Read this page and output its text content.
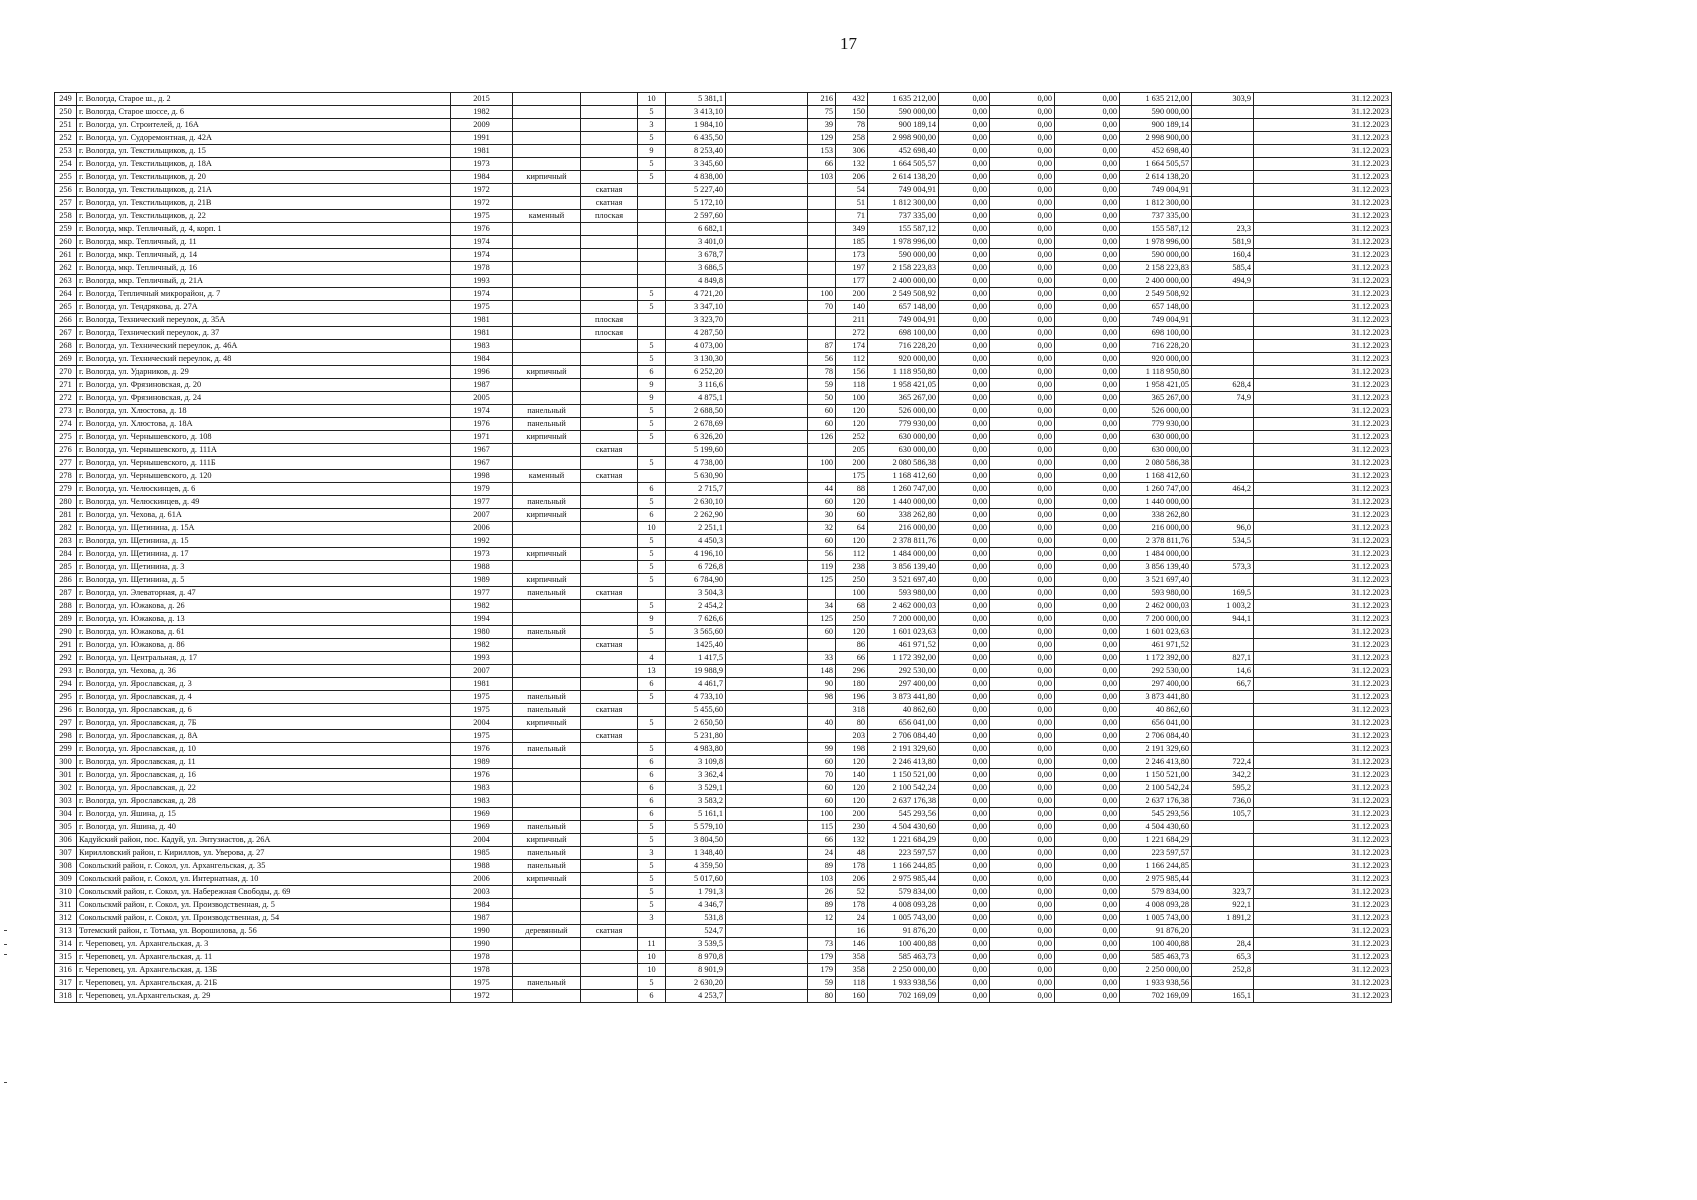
17
249	г. Вологда, Старое ш., д. 2	2015			10	5 381,1		216	432	1 635 212,00	0,00	0,00	0,00	1 635 212,00	303,9	31.12.2023
250	г. Вологда, Старое шоссе, д. 6	1982			5	3 413,10		75	150	590 000,00	0,00	0,00	0,00	590 000,00		31.12.2023
251	г. Вологда, ул. Строителей, д. 16А	2009			3	1 984,10		39	78	900 189,14	0,00	0,00	0,00	900 189,14		31.12.2023
252	г. Вологда, ул. Судоремонтная, д. 42А	1991			5	6 435,50		129	258	2 998 900,00	0,00	0,00	0,00	2 998 900,00		31.12.2023
253	г. Вологда, ул. Текстильщиков, д. 15	1981			9	8 253,40		153	306	452 698,40	0,00	0,00	0,00	452 698,40		31.12.2023
254	г. Вологда, ул. Текстильщиков, д. 18А	1973			5	3 345,60		66	132	1 664 505,57	0,00	0,00	0,00	1 664 505,57		31.12.2023
255	г. Вологда, ул. Текстильщиков, д. 20	1984	кирпичный		5	4 838,00		103	206	2 614 138,20	0,00	0,00	0,00	2 614 138,20		31.12.2023
256	г. Вологда, ул. Текстильщиков, д. 21А	1972		скатная		5 227,40			54	749 004,91	0,00	0,00	0,00	749 004,91		31.12.2023
257	г. Вологда, ул. Текстильщиков, д. 21В	1972		скатная		5 172,10			51	1 812 300,00	0,00	0,00	0,00	1 812 300,00		31.12.2023
258	г. Вологда, ул. Текстильщиков, д. 22	1975	каменный	плоская		2 597,60			71	737 335,00	0,00	0,00	0,00	737 335,00		31.12.2023
259	г. Вологда, мкр. Тепличный, д. 4, корп. 1	1976				6 682,1			349	155 587,12	0,00	0,00	0,00	155 587,12	23,3	31.12.2023
260	г. Вологда, мкр. Тепличный, д. 11	1974				3 401,0			185	1 978 996,00	0,00	0,00	0,00	1 978 996,00	581,9	31.12.2023
261	г. Вологда, мкр. Тепличный, д. 14	1974				3 678,7			173	590 000,00	0,00	0,00	0,00	590 000,00	160,4	31.12.2023
262	г. Вологда, мкр. Тепличный, д. 16	1978				3 686,5			197	2 158 223,83	0,00	0,00	0,00	2 158 223,83	585,4	31.12.2023
263	г. Вологда, мкр. Тепличный, д. 21А	1993				4 849,8			177	2 400 000,00	0,00	0,00	0,00	2 400 000,00	494,9	31.12.2023
264	г. Вологда, Тепличный микрорайон, д. 7	1974			5	4 721,20		100	200	2 549 508,92	0,00	0,00	0,00	2 549 508,92		31.12.2023
265	г. Вологда, ул. Тендрякова, д. 27А	1975			5	3 347,10		70	140	657 148,00	0,00	0,00	0,00	657 148,00		31.12.2023
266	г. Вологда, Технический переулок, д. 35А	1981		плоская		3 323,70			211	749 004,91	0,00	0,00	0,00	749 004,91		31.12.2023
267	г. Вологда, Технический переулок, д. 37	1981		плоская		4 287,50			272	698 100,00	0,00	0,00	0,00	698 100,00		31.12.2023
268	г. Вологда, ул. Технический переулок, д. 46А	1983			5	4 073,00		87	174	716 228,20	0,00	0,00	0,00	716 228,20		31.12.2023
269	г. Вологда, ул. Технический переулок, д. 48	1984			5	3 130,30		56	112	920 000,00	0,00	0,00	0,00	920 000,00		31.12.2023
270	г. Вологда, ул. Ударников, д. 29	1996	кирпичный		6	6 252,20		78	156	1 118 950,80	0,00	0,00	0,00	1 118 950,80		31.12.2023
271	г. Вологда, ул. Фрязиновская, д. 20	1987			9	3 116,6		59	118	1 958 421,05	0,00	0,00	0,00	1 958 421,05	628,4	31.12.2023
272	г. Вологда, ул. Фрязиновская, д. 24	2005			9	4 875,1		50	100	365 267,00	0,00	0,00	0,00	365 267,00	74,9	31.12.2023
273	г. Вологда, ул. Хлюстова, д. 18	1974	панельный		5	2 688,50		60	120	526 000,00	0,00	0,00	0,00	526 000,00		31.12.2023
274	г. Вологда, ул. Хлюстова, д. 18А	1976	панельный		5	2 678,69		60	120	779 930,00	0,00	0,00	0,00	779 930,00		31.12.2023
275	г. Вологда, ул. Чернышевского, д. 108	1971	кирпичный		5	6 326,20		126	252	630 000,00	0,00	0,00	0,00	630 000,00		31.12.2023
276	г. Вологда, ул. Чернышевского, д. 111А	1967		скатная		5 199,60			205	630 000,00	0,00	0,00	0,00	630 000,00		31.12.2023
277	г. Вологда, ул. Чернышевского, д. 111Б	1967			5	4 738,00		100	200	2 080 586,38	0,00	0,00	0,00	2 080 586,38		31.12.2023
278	г. Вологда, ул. Чернышевского, д. 120	1998	каменный	скатная		5 630,90			175	1 168 412,60	0,00	0,00	0,00	1 168 412,60		31.12.2023
279	г. Вологда, ул. Челюскинцев, д. 6	1979			6	2 715,7		44	88	1 260 747,00	0,00	0,00	0,00	1 260 747,00	464,2	31.12.2023
280	г. Вологда, ул. Челюскинцев, д. 49	1977	панельный		5	2 630,10		60	120	1 440 000,00	0,00	0,00	0,00	1 440 000,00		31.12.2023
281	г. Вологда, ул. Чехова, д. 61А	2007	кирпичный		6	2 262,90		30	60	338 262,80	0,00	0,00	0,00	338 262,80		31.12.2023
282	г. Вологда, ул. Щетинина, д. 15А	2006			10	2 251,1		32	64	216 000,00	0,00	0,00	0,00	216 000,00	96,0	31.12.2023
283	г. Вологда, ул. Щетинина, д. 15	1992			5	4 450,3		60	120	2 378 811,76	0,00	0,00	0,00	2 378 811,76	534,5	31.12.2023
284	г. Вологда, ул. Щетинина, д. 17	1973	кирпичный		5	4 196,10		56	112	1 484 000,00	0,00	0,00	0,00	1 484 000,00		31.12.2023
285	г. Вологда, ул. Щетинина, д. 3	1988			5	6 726,8		119	238	3 856 139,40	0,00	0,00	0,00	3 856 139,40	573,3	31.12.2023
286	г. Вологда, ул. Щетинина, д. 5	1989	кирпичный		5	6 784,90		125	250	3 521 697,40	0,00	0,00	0,00	3 521 697,40		31.12.2023
287	г. Вологда, ул. Элеваторная, д. 47	1977	панельный	скатная		3 504,3			100	593 980,00	0,00	0,00	0,00	593 980,00	169,5	31.12.2023
288	г. Вологда, ул. Южакова, д. 26	1982			5	2 454,2		34	68	2 462 000,03	0,00	0,00	0,00	2 462 000,03	1 003,2	31.12.2023
289	г. Вологда, ул. Южакова, д. 13	1994			9	7 626,6		125	250	7 200 000,00	0,00	0,00	0,00	7 200 000,00	944,1	31.12.2023
290	г. Вологда, ул. Южакова, д. 61	1980	панельный		5	3 565,60		60	120	1 601 023,63	0,00	0,00	0,00	1 601 023,63		31.12.2023
291	г. Вологда, ул. Южакова, д. 86	1982		скатная		1425,40			86	461 971,52	0,00	0,00	0,00	461 971,52		31.12.2023
292	г. Вологда, ул. Центральная, д. 17	1993			4	1 417,5		33	66	1 172 392,00	0,00	0,00	0,00	1 172 392,00	827,1	31.12.2023
293	г. Вологда, ул. Чехова, д. 36	2007			13	19 988,9		148	296	292 530,00	0,00	0,00	0,00	292 530,00	14,6	31.12.2023
294	г. Вологда, ул. Ярославская, д. 3	1981			6	4 461,7		90	180	297 400,00	0,00	0,00	0,00	297 400,00	66,7	31.12.2023
295	г. Вологда, ул. Ярославская, д. 4	1975	панельный		5	4 733,10		98	196	3 873 441,80	0,00	0,00	0,00	3 873 441,80		31.12.2023
296	г. Вологда, ул. Ярославская, д. 6	1975	панельный	скатная		5 455,60			318	40 862,60	0,00	0,00	0,00	40 862,60		31.12.2023
297	г. Вологда, ул. Ярославская, д. 7Б	2004	кирпичный		5	2 650,50		40	80	656 041,00	0,00	0,00	0,00	656 041,00		31.12.2023
298	г. Вологда, ул. Ярославская, д. 8А	1975		скатная		5 231,80			203	2 706 084,40	0,00	0,00	0,00	2 706 084,40		31.12.2023
299	г. Вологда, ул. Ярославская, д. 10	1976	панельный		5	4 983,80		99	198	2 191 329,60	0,00	0,00	0,00	2 191 329,60		31.12.2023
300	г. Вологда, ул. Ярославская, д. 11	1989			6	3 109,8		60	120	2 246 413,80	0,00	0,00	0,00	2 246 413,80	722,4	31.12.2023
301	г. Вологда, ул. Ярославская, д. 16	1976			6	3 362,4		70	140	1 150 521,00	0,00	0,00	0,00	1 150 521,00	342,2	31.12.2023
302	г. Вологда, ул. Ярославская, д. 22	1983			6	3 529,1		60	120	2 100 542,24	0,00	0,00	0,00	2 100 542,24	595,2	31.12.2023
303	г. Вологда, ул. Ярославская, д. 28	1983			6	3 583,2		60	120	2 637 176,38	0,00	0,00	0,00	2 637 176,38	736,0	31.12.2023
304	г. Вологда, ул. Яшина, д. 15	1969			6	5 161,1		100	200	545 293,56	0,00	0,00	0,00	545 293,56	105,7	31.12.2023
305	г. Вологда, ул. Яшина, д. 40	1969	панельный		5	5 579,10		115	230	4 504 430,60	0,00	0,00	0,00	4 504 430,60		31.12.2023
306	Кадуйский район, пос. Кадуй, ул. Энтузиастов, д. 26А	2004	кирпичный		5	3 804,50		66	132	1 221 684,29	0,00	0,00	0,00	1 221 684,29		31.12.2023
307	Кирилловский район, г. Кириллов, ул. Уверова, д. 27	1985	панельный		3	1 348,40		24	48	223 597,57	0,00	0,00	0,00	223 597,57		31.12.2023
308	Сокольский район, г. Сокол, ул. Архангельская, д. 35	1988	панельный		5	4 359,50		89	178	1 166 244,85	0,00	0,00	0,00	1 166 244,85		31.12.2023
309	Сокольский район, г. Сокол, ул. Интернатная, д. 10	2006	кирпичный		5	5 017,60		103	206	2 975 985,44	0,00	0,00	0,00	2 975 985,44		31.12.2023
310	Сокольскмй район, г. Сокол, ул. Набережная Свободы, д. 69	2003			5	1 791,3		26	52	579 834,00	0,00	0,00	0,00	579 834,00	323,7	31.12.2023
311	Сокольскмй район, г. Сокол, ул. Производственная, д. 5	1984			5	4 346,7		89	178	4 008 093,28	0,00	0,00	0,00	4 008 093,28	922,1	31.12.2023
312	Сокольскмй район, г. Сокол, ул. Производственная, д. 54	1987			3	531,8		12	24	1 005 743,00	0,00	0,00	0,00	1 005 743,00	1 891,2	31.12.2023
313	Тотемский район, г. Тотьма, ул. Ворошилова, д. 56	1990	деревянный	скатная		524,7			16	91 876,20	0,00	0,00	0,00	91 876,20		31.12.2023
314	г. Череповец, ул. Архангельская, д. 3	1990			11	3 539,5		73	146	100 400,88	0,00	0,00	0,00	100 400,88	28,4	31.12.2023
315	г. Череповец, ул. Архангельская, д. 11	1978			10	8 970,8		179	358	585 463,73	0,00	0,00	0,00	585 463,73	65,3	31.12.2023
316	г. Череповец, ул. Архангельская, д. 13Б	1978			10	8 901,9		179	358	2 250 000,00	0,00	0,00	0,00	2 250 000,00	252,8	31.12.2023
317	г. Череповец, ул. Архангельская, д. 21Б	1975	панельный		5	2 630,20		59	118	1 933 938,56	0,00	0,00	0,00	1 933 938,56		31.12.2023
318	г. Череповец, ул.Архангельская, д. 29	1972			6	4 253,7		80	160	702 169,09	0,00	0,00	0,00	702 169,09	165,1	31.12.2023
